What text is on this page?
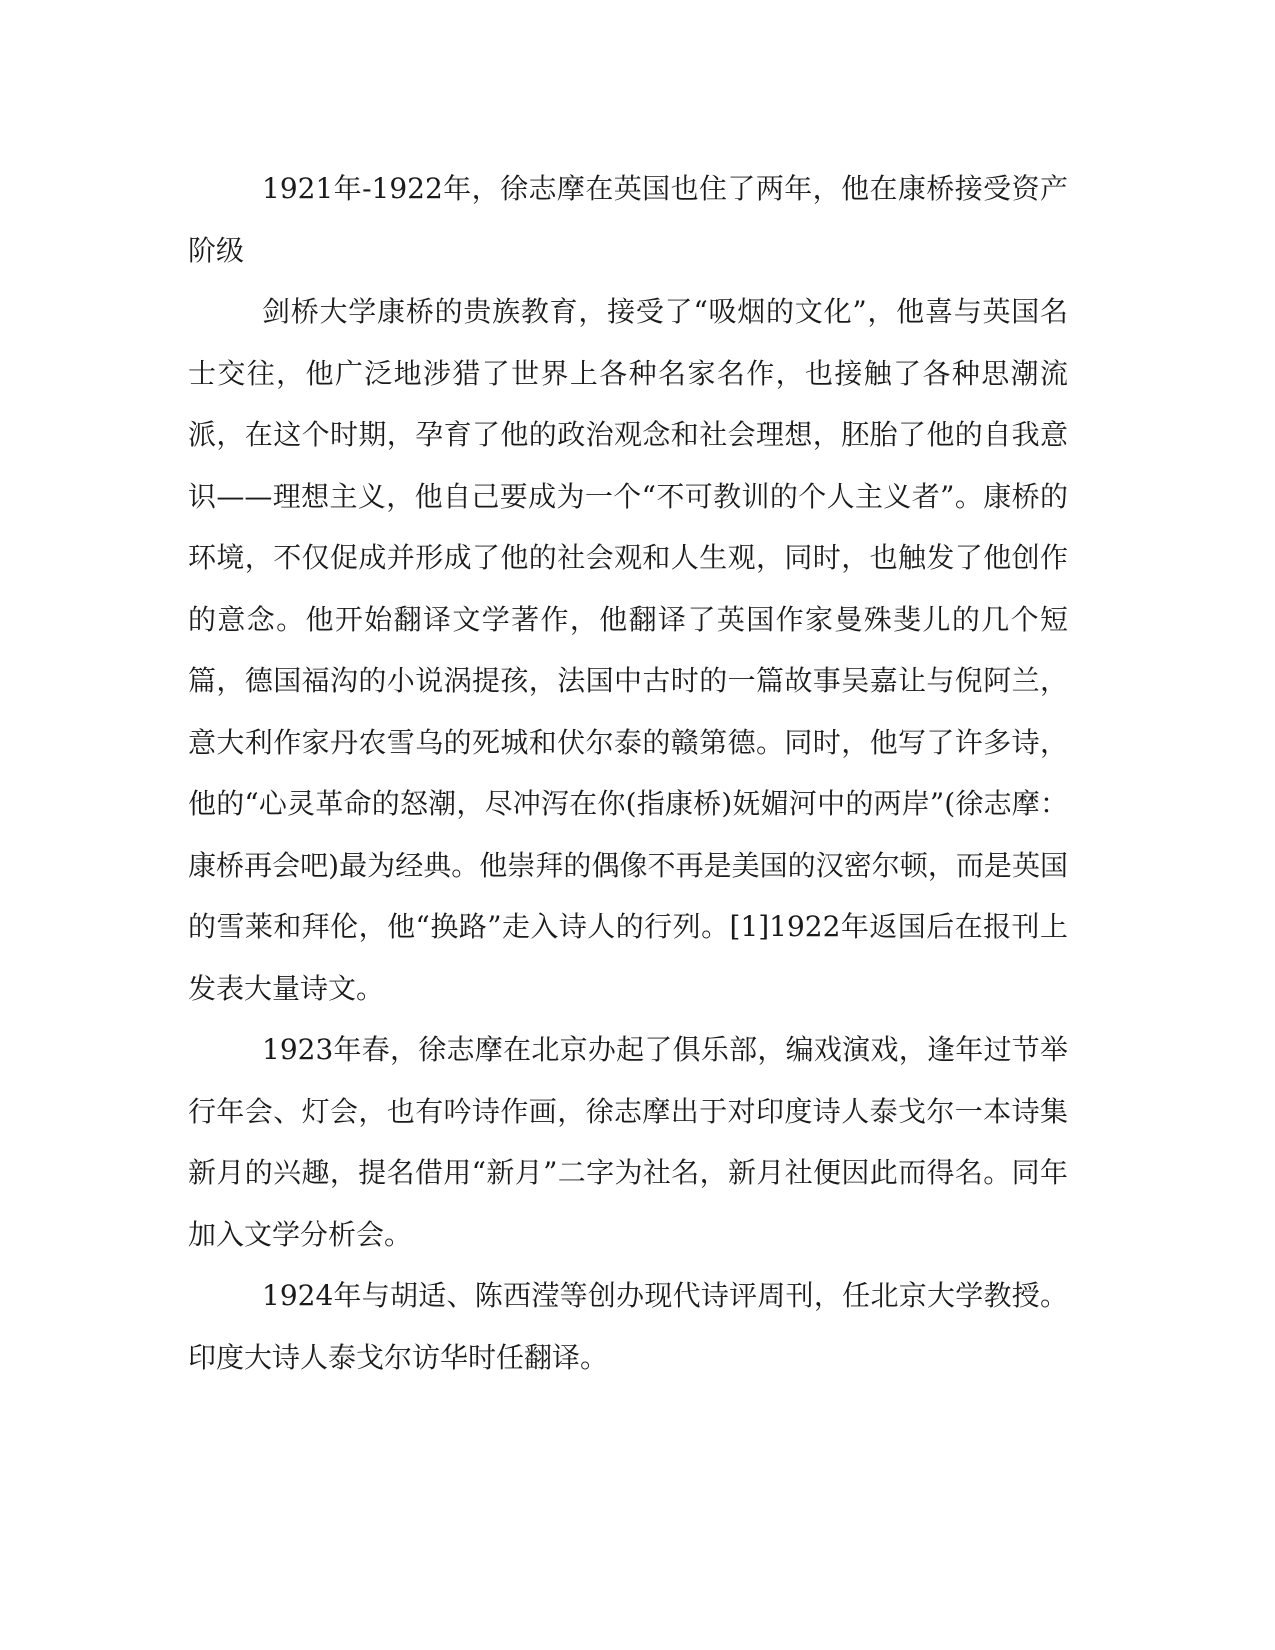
1921年-1922年，徐志摩在英国也住了两年，他在康桥接受资产阶级

剑桥大学康桥的贵族教育，接受了“吸烟的文化”，他喜与英国名士交往，他广泛地涉猎了世界上各种名家名作，也接触了各种思潮流派，在这个时期，孕育了他的政治观念和社会理想，胚胎了他的自我意识——理想主义，他自己要成为一个“不可教训的个人主义者”。康桥的环境，不仅促成并形成了他的社会观和人生观，同时，也触发了他创作的意念。他开始翻译文学著作，他翻译了英国作家曼殊斐儿的几个短篇，德国福沟的小说涡提孩，法国中古时的一篇故事吴嘉让与倪阿兰，意大利作家丹农雪乌的死城和伏尔泰的赣第德。同时，他写了许多诗，他的“心灵革命的怒潮，尽冲泻在你(指康桥)妩媚河中的两岸”(徐志摩：康桥再会吧)最为经典。他崇拜的偶像不再是美国的汉密尔顿，而是英国的雪莱和拜伦，他“换路”走入诗人的行列。[1]1922年返国后在报刊上发表大量诗文。

1923年春，徐志摩在北京办起了俱乐部，编戏演戏，逢年过节举行年会、灯会，也有吟诗作画，徐志摩出于对印度诗人泰戈尔一本诗集新月的兴趣，提名借用“新月”二字为社名，新月社便因此而得名。同年加入文学分析会。

1924年与胡适、陈西滢等创办现代诗评周刊，任北京大学教授。印度大诗人泰戈尔访华时任翻译。
